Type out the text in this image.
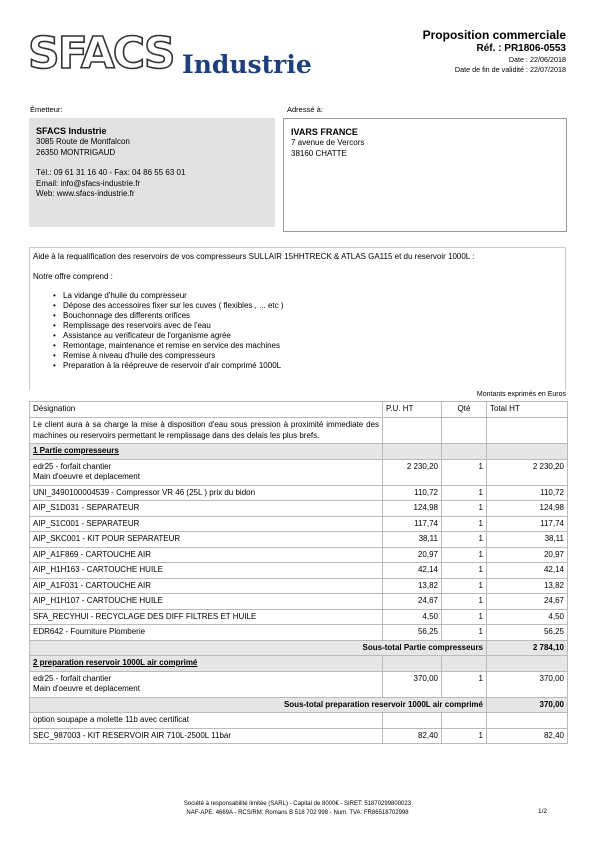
SFACS Industrie
Proposition commerciale
Réf. : PR1806-0553
Date : 22/06/2018
Date de fin de validité : 22/07/2018
Émetteur:
SFACS Industrie
3085 Route de Montfalcon
26350 MONTRIGAUD
Tél.: 09 61 31 16 40 - Fax: 04 86 55 63 01
Email: info@sfacs-industrie.fr
Web: www.sfacs-industrie.fr
Adressé à:
IVARS FRANCE
7 avenue de Vercors
38160 CHATTE
Aide à la requalification des reservoirs de vos compresseurs SULLAIR 15HHTRECK & ATLAS GA115 et du reservoir 1000L :
Notre offre comprend :
• La vidange d'huile du compresseur
• Dépose des accessoires fixer sur les cuves ( flexibles , ... etc )
• Bouchonnage des differents orifices
• Remplissage des reservoirs avec de l'eau
• Assistance au verificateur de l'organisme agrée
• Remontage, maintenance et remise en service des machines
• Remise à niveau d'huile des compresseurs
• Preparation à la réépreuve de reservoir d'air comprimé 1000L
Montants exprimés en Euros
Désignation	P.U. HT	Qté	Total HT
Le client aura à sa charge la mise à disposition d'eau sous pression à proximité immediate des machines ou reservoirs permettant le remplissage dans des delais les plus brefs.			
1 Partie compresseurs			

edr25 - forfait chantier
Main d'oeuvre et deplacement	2 230,20	1	2 230,20

UNI_3490100004539 - Compressor VR 46 (25L ) prix du bidon	110,72	1	110,72

AIP_S1D031 - SEPARATEUR	124,98	1	124,98

AIP_S1C001 - SEPARATEUR	117,74	1	117,74

AIP_SKC001 - KIT POUR SEPARATEUR	38,11	1	38,11

AIP_A1F869 - CARTOUCHE AIR	20,97	1	20,97

AIP_H1H163 - CARTOUCHE HUILE	42,14	1	42,14

AIP_A1F031 - CARTOUCHE AIR	13,82	1	13,82

AIP_H1H107 - CARTOUCHE HUILE	24,67	1	24,67

SFA_RECYHUI - RECYCLAGE DES DIFF FILTRES ET HUILE	4,50	1	4,50

EDR642 - Fourniture Plomberie	56,25	1	56,25
Sous-total Partie compresseurs			2 784,10
2 preparation reservoir 1000L air comprimé			

edr25 - forfait chantier
Main d'oeuvre et deplacement	370,00	1	370,00
Sous-total preparation reservoir 1000L air comprimé			370,00
option soupape a molette 11b avec certificat			

SEC_987003 - KIT RESERVOIR AIR 710L-2500L 11bar	82,40	1	82,40
Société à responsabilité limitée (SARL) - Capital de 8000€ - SIRET: 51870299800023
NAF-APE: 4669A - RCS/RM: Romans B 518 702 998 - Num. TVA: FR86518702998	1/2
